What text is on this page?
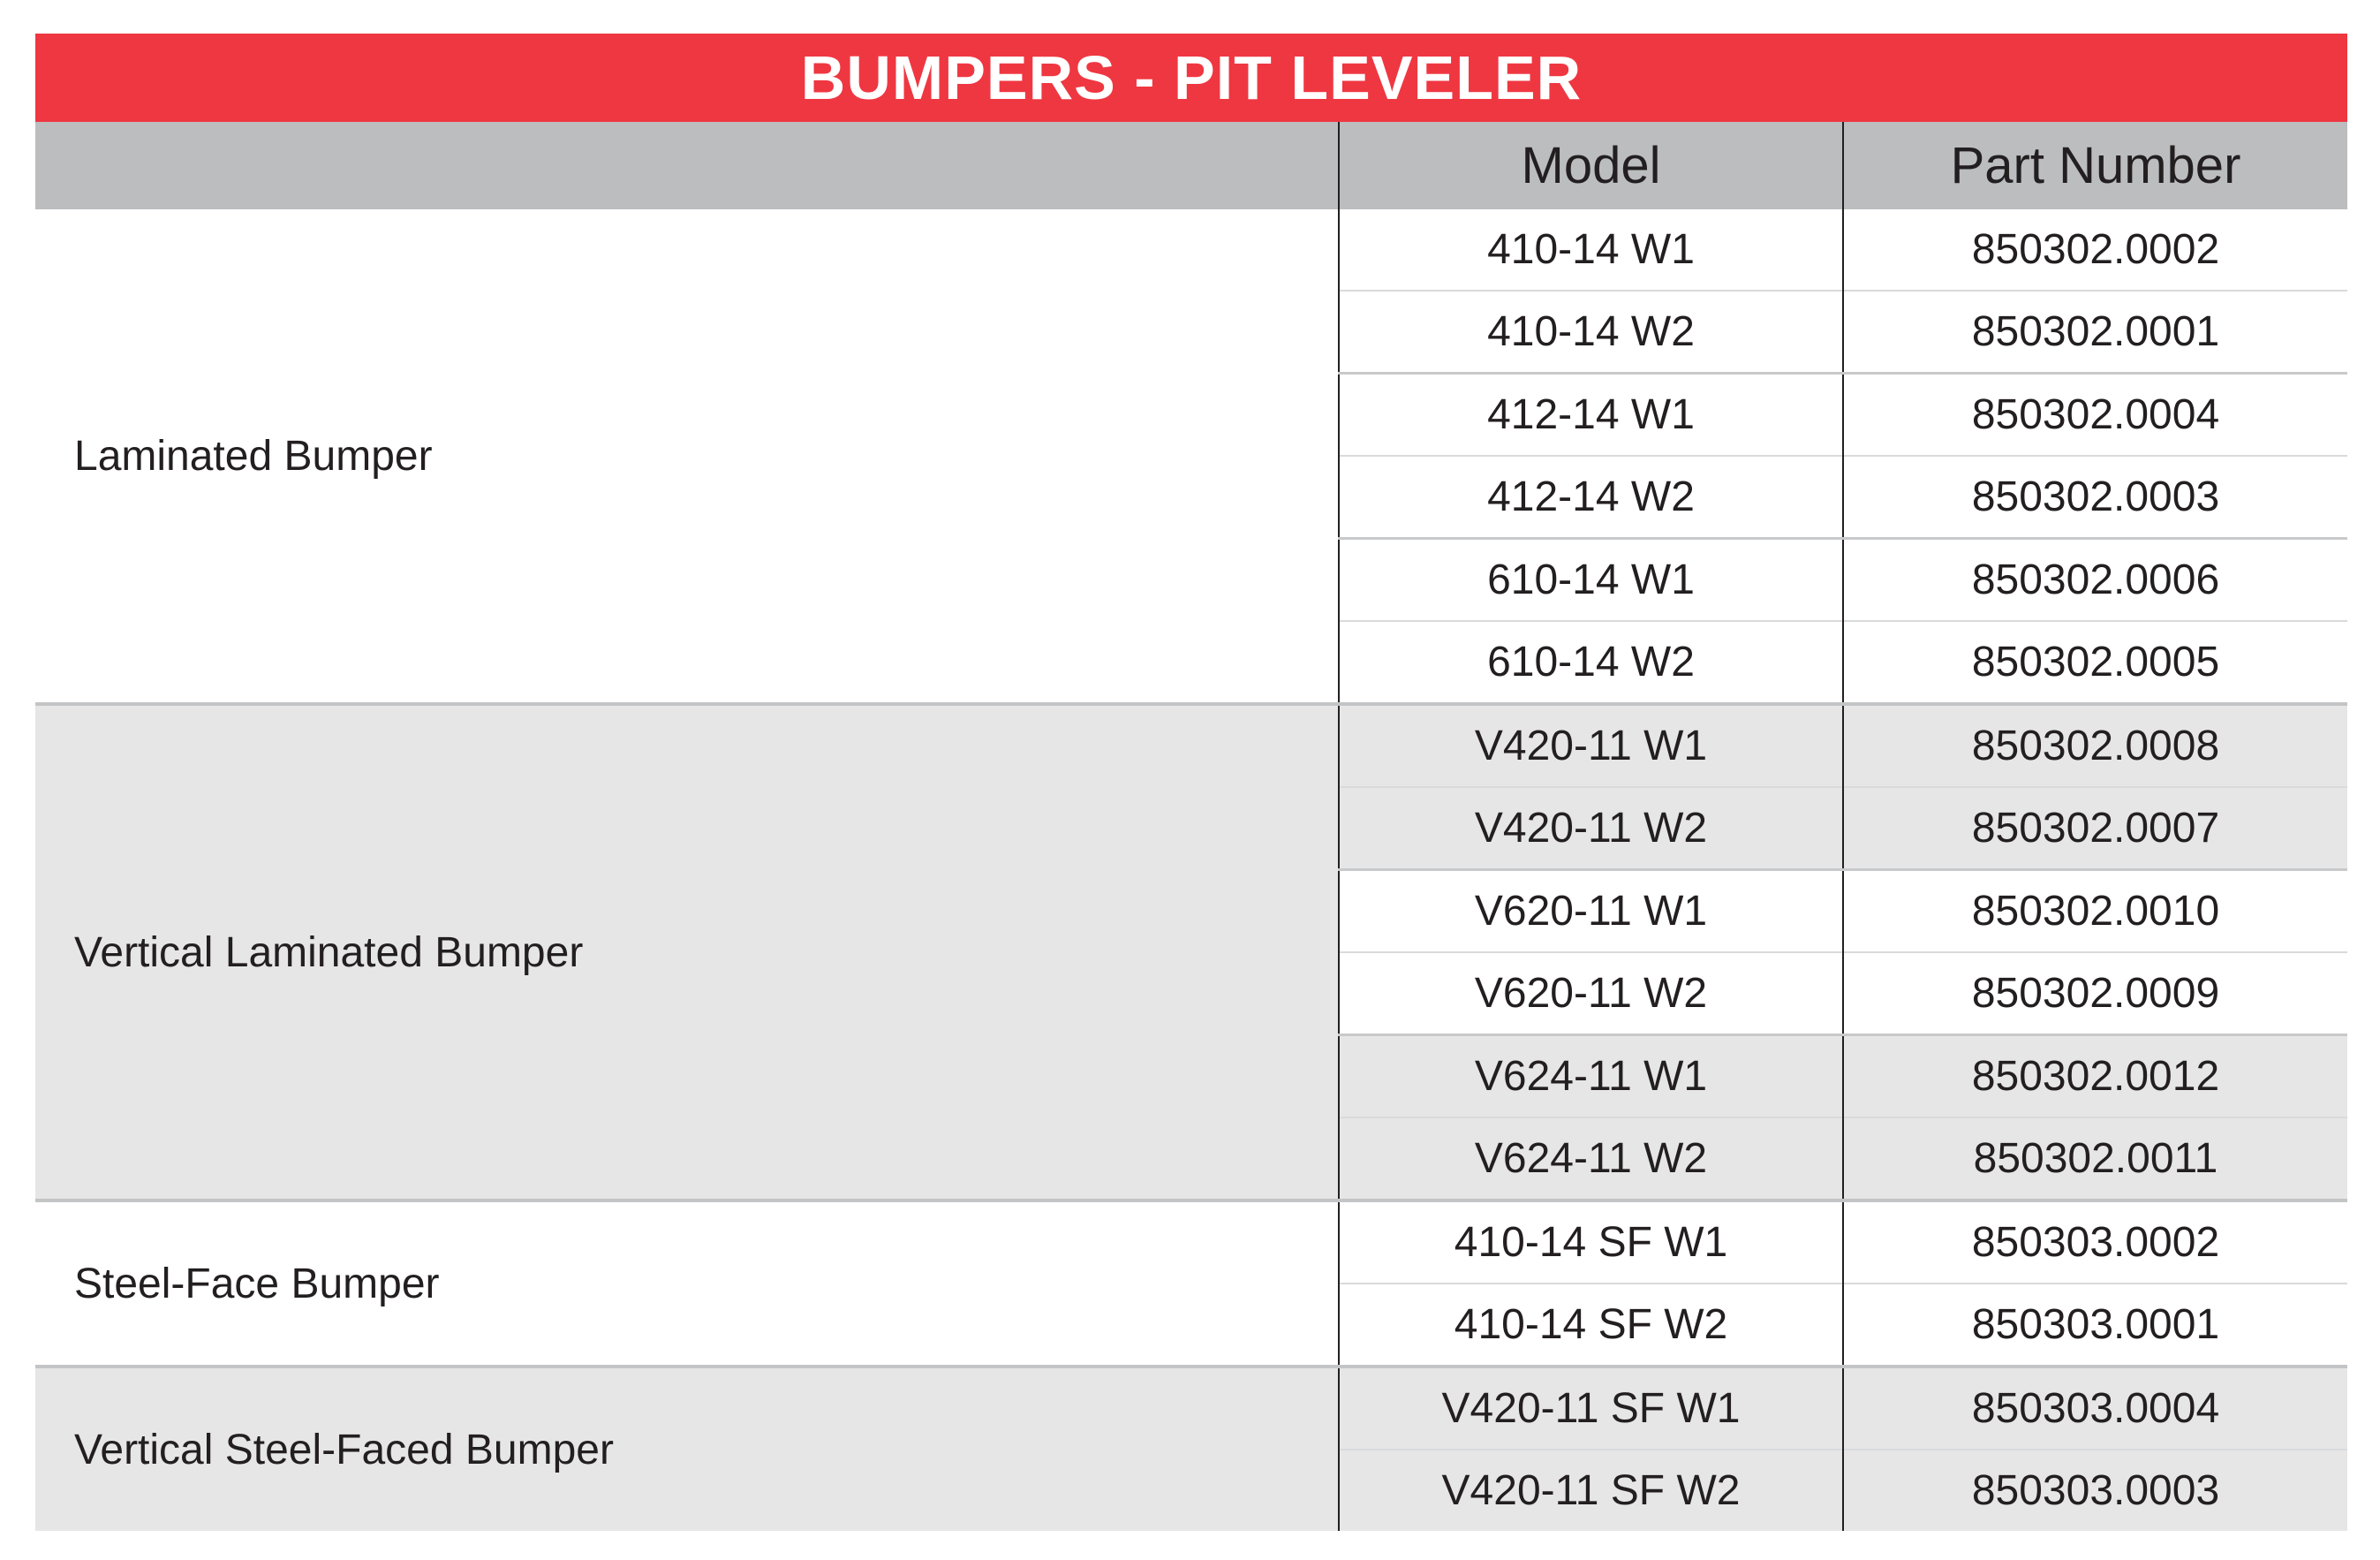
BUMPERS - PIT LEVELER
	Model	Part Number
Laminated Bumper	410-14 W1	850302.0002
	410-14 W2	850302.0001
	412-14 W1	850302.0004
	412-14 W2	850302.0003
	610-14 W1	850302.0006
	610-14 W2	850302.0005
Vertical Laminated Bumper	V420-11 W1	850302.0008
	V420-11 W2	850302.0007
	V620-11 W1	850302.0010
	V620-11 W2	850302.0009
	V624-11 W1	850302.0012
	V624-11 W2	850302.0011
Steel-Face Bumper	410-14 SF W1	850303.0002
	410-14 SF W2	850303.0001
Vertical Steel-Faced Bumper	V420-11 SF W1	850303.0004
	V420-11 SF W2	850303.0003
